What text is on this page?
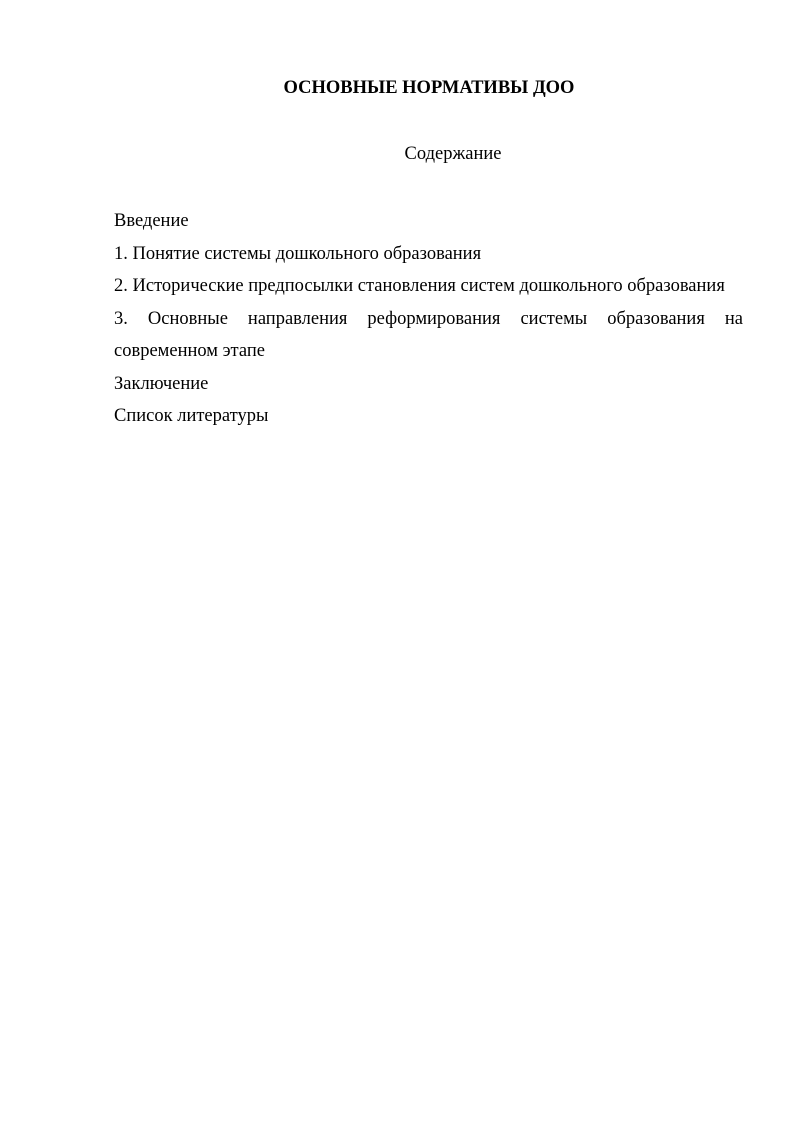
ОСНОВНЫЕ НОРМАТИВЫ ДОО
Содержание
Введение
1. Понятие системы дошкольного образования
2. Исторические предпосылки становления систем дошкольного образования
3. Основные направления реформирования системы образования на современном этапе
Заключение
Список литературы
